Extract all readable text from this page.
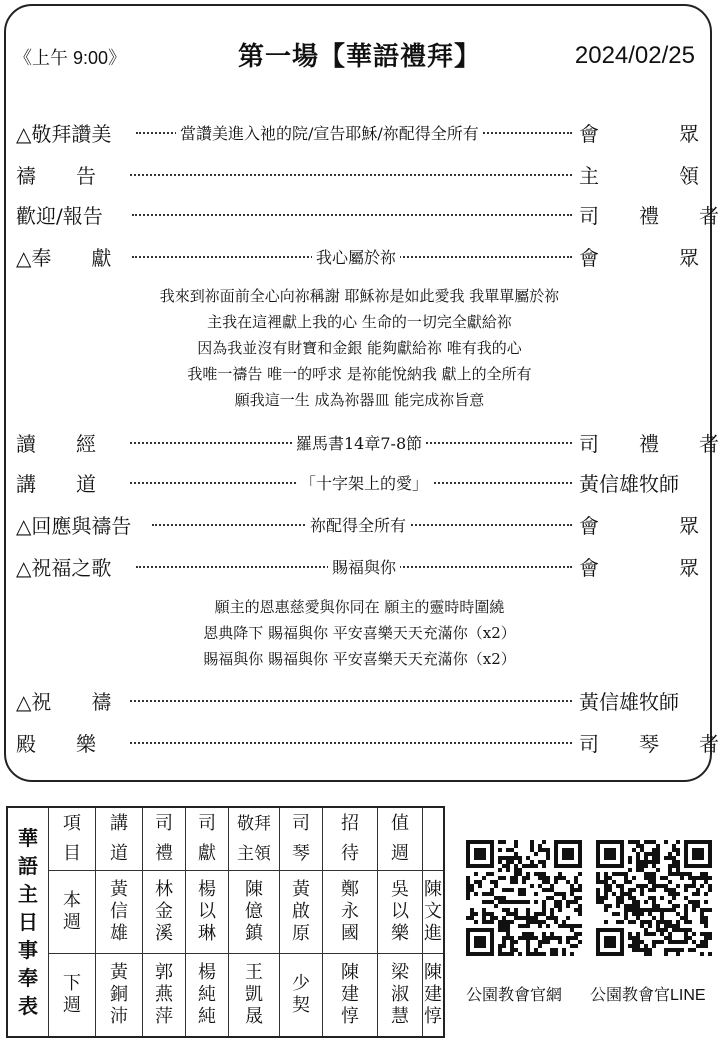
《上午 9:00》	第一場【華語禮拜】	2024/02/25
△敬拜讚美	當讚美進入祂的院/宣告耶穌/祢配得全所有	會　　　　眾
禱　　告	主　　　　領
歡迎/報告	司　　禮　　者
△奉　　獻	我心屬於祢	會　　　　眾
讀　　經	羅馬書14章7-8節	司　　禮　　者
講　　道	「十字架上的愛」	黃信雄牧師
△回應與禱告	祢配得全所有	會　　　　眾
△祝福之歌	賜福與你	會　　　　眾
△祝　　禱	黃信雄牧師
殿　　樂	司　　琴　　者
我來到祢面前全心向祢稱謝 耶穌祢是如此愛我 我單單屬於祢
主我在這裡獻上我的心 生命的一切完全獻給祢
因為我並沒有財寶和金銀 能夠獻給祢 唯有我的心
我唯一禱告 唯一的呼求 是祢能悅納我 獻上的全所有
願我這一生 成為祢器皿 能完成祢旨意
願主的恩惠慈愛與你同在 願主的靈時時圍繞
恩典降下 賜福與你 平安喜樂天天充滿你（x2）
賜福與你 賜福與你 平安喜樂天天充滿你（x2）
華語主日事奉表	項目	講道	司禮	司獻	敬拜主領	司琴	招待	值週	
	本週	黃信雄	林金溪	楊以琳	陳億鎮	黃啟原	鄭永國	吳以樂	陳文進
	下週	黃銅沛	郭燕萍	楊純純	王凱晟	少契	陳建惇	梁淑慧	陳建惇
公園教會官網 公園教會官LINE
